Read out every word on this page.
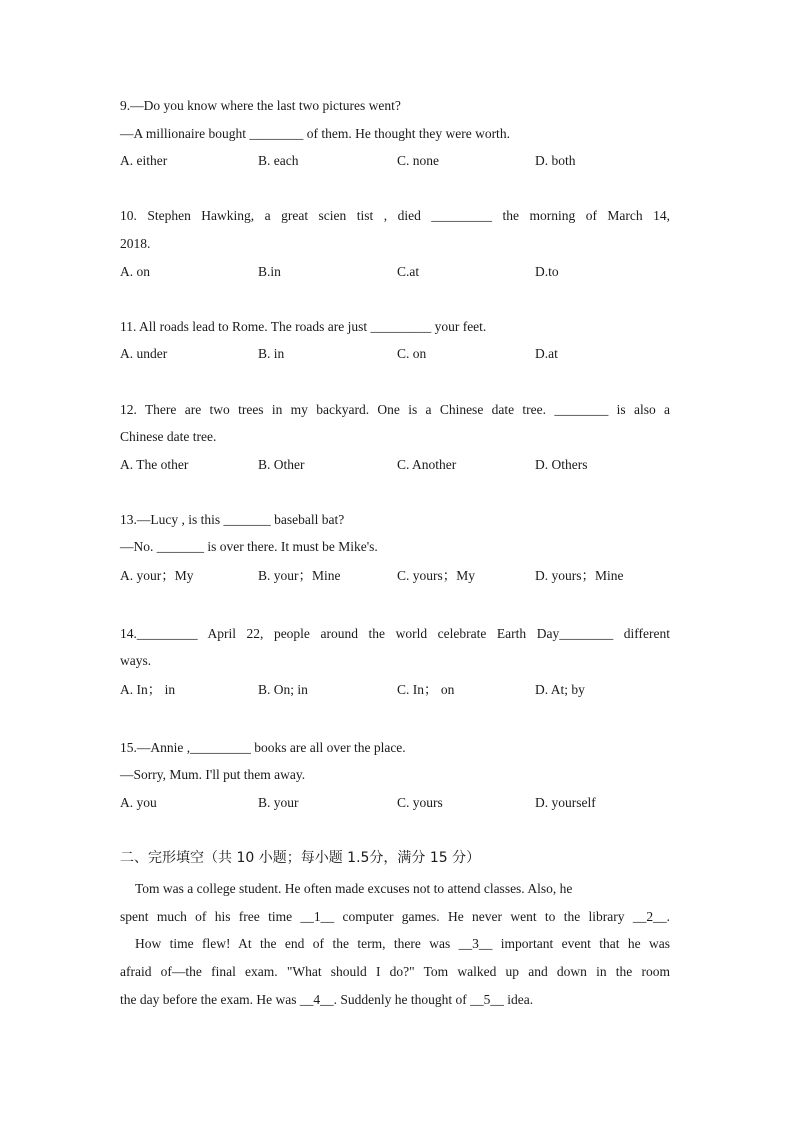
9.—Do you know where the last two pictures went?
—A millionaire bought ________ of them. He thought they were worth.
A. either	B. each	C. none	D. both
10. Stephen Hawking, a great scien tist , died _________ the morning of March 14,
2018.
A. on	B.in	C.at	D.to
11. All roads lead to Rome. The roads are just _________ your feet.
A. under	B. in	C. on	D.at
12. There are two trees in my backyard. One is a Chinese date tree. ________ is also a
Chinese date tree.
A. The other	B. Other	C. Another	D. Others
13.—Lucy , is this _______ baseball bat?
—No. _______ is over there. It must be Mike's.
A. your；My	B. your；Mine	C. yours；My	D. yours；Mine
14._________ April 22, people around the world celebrate Earth Day________ different
ways.
A. In； in	B. On; in	C. In； on	D. At; by
15.—Annie ,_________ books are all over the place.
—Sorry, Mum. I'll put them away.
A. you	B. your	C. yours	D. yourself
二、完形填空（共 10 小题；每小题 1.5分，满分 15 分）
Tom was a college student. He often made excuses not to attend classes. Also, he
spent much of his free time __1__ computer games. He never went to the library __2__.
How time flew! At the end of the term, there was __3__ important event that he was
afraid of—the final exam. "What should I do?" Tom walked up and down in the room
the day before the exam. He was __4__. Suddenly he thought of __5__ idea.
